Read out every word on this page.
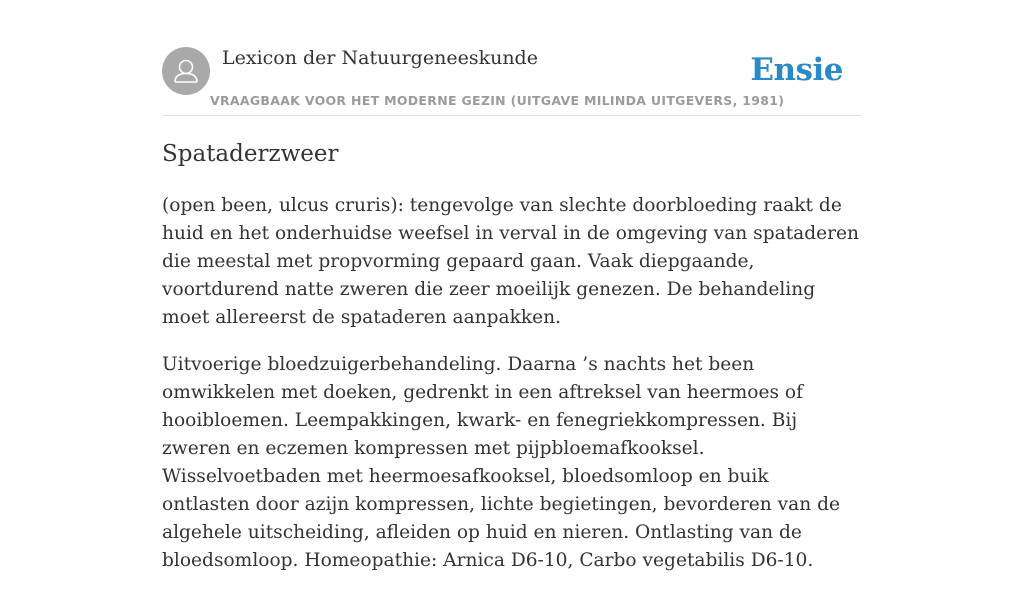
Lexicon der Natuurgeneeskunde
VRAAGBAAK VOOR HET MODERNE GEZIN (UITGAVE MILINDA UITGEVERS, 1981)
Ensie
Spataderzweer

(open been, ulcus cruris): tengevolge van slechte doorbloeding raakt de huid en het onderhuidse weefsel in verval in de omgeving van spataderen die meestal met propvorming gepaard gaan. Vaak diepgaande, voortdurend natte zweren die zeer moeilijk genezen. De behandeling moet allereerst de spataderen aanpakken.

Uitvoerige bloedzuigerbehandeling. Daarna ’s nachts het been omwikkelen met doeken, gedrenkt in een aftreksel van heermoes of hooibloemen. Leempakkingen, kwark- en fenegriekkompressen. Bij zweren en eczemen kompressen met pijpbloemafkooksel. Wisselvoetbaden met heermoesafkooksel, bloedsomloop en buik ontlasten door azijn kompressen, lichte begietingen, bevorderen van de algehele uitscheiding, afleiden op huid en nieren. Ontlasting van de bloedsomloop. Homeopathie: Arnica D6-10, Carbo vegetabilis D6-10.
